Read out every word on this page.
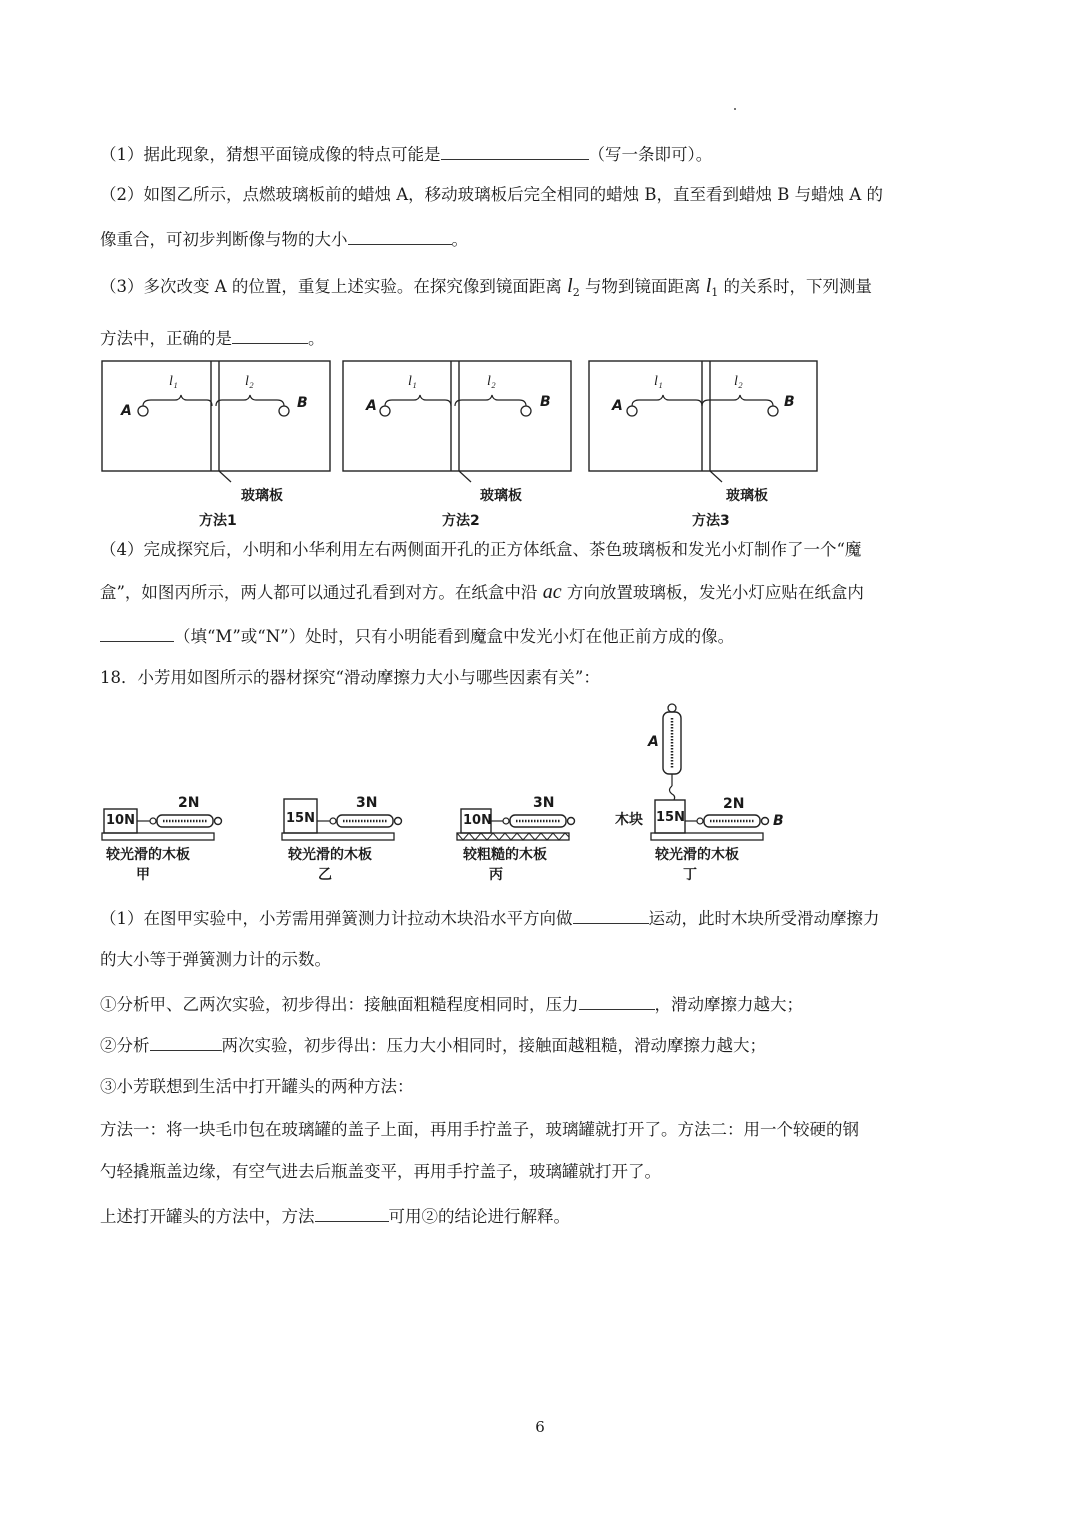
（1）据此现象，猜想平面镜成像的特点可能是	（写一条即可）。
（2）如图乙所示，点燃玻璃板前的蜡烛 A，移动玻璃板后完全相同的蜡烛 B，直至看到蜡烛 B 与蜡烛 A 的
像重合，可初步判断像与物的大小	。
（3）多次改变 A 的位置，重复上述实验。在探究像到镜面距离 $l_2$ 与物到镜面距离 $l_1$ 的关系时，下列测量
方法中，正确的是	。
A	B
l₁	l₂
玻璃板
方法1
A	B
l₁	l₂
玻璃板
方法2
A	B
l₁	l₂
玻璃板
方法3
（4）完成探究后，小明和小华利用左右两侧面开孔的正方体纸盒、茶色玻璃板和发光小灯制作了一个“魔
盒”，如图丙所示，两人都可以通过孔看到对方。在纸盒中沿 ac 方向放置玻璃板，发光小灯应贴在纸盒内
（填“M”或“N”）处时，只有小明能看到魔盒中发光小灯在他正前方成的像。
18．小芳用如图所示的器材探究“滑动摩擦力大小与哪些因素有关”：
10N
2N
较光滑的木板
甲
15N
3N
较光滑的木板
乙
10N
3N
较粗糙的木板
丙
A
木块 15N
2N
B
较光滑的木板
丁
（1）在图甲实验中，小芳需用弹簧测力计拉动木块沿水平方向做	运动，此时木块所受滑动摩擦力
的大小等于弹簧测力计的示数。
①分析甲、乙两次实验，初步得出：接触面粗糙程度相同时，压力	，滑动摩擦力越大；
②分析	两次实验，初步得出：压力大小相同时，接触面越粗糙，滑动摩擦力越大；
③小芳联想到生活中打开罐头的两种方法：
方法一：将一块毛巾包在玻璃罐的盖子上面，再用手拧盖子，玻璃罐就打开了。方法二：用一个较硬的钢
勺轻撬瓶盖边缘，有空气进去后瓶盖变平，再用手拧盖子，玻璃罐就打开了。
上述打开罐头的方法中，方法	可用②的结论进行解释。
6
